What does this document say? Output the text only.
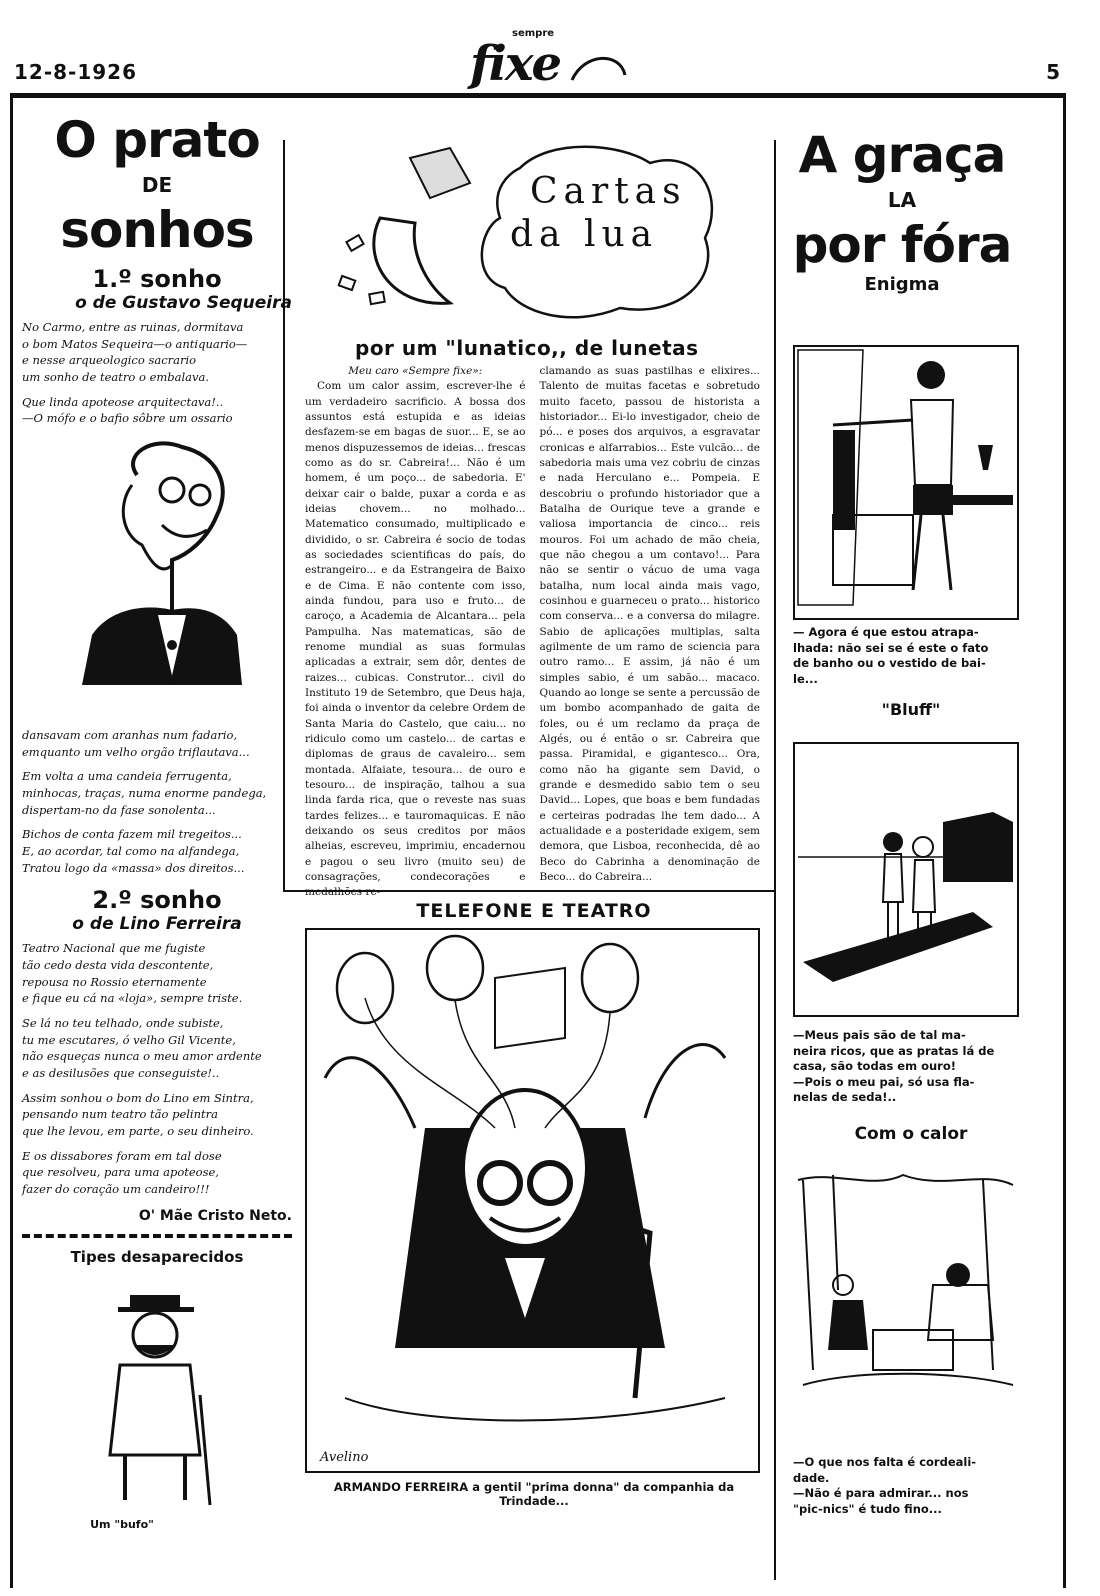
12-8-1926
sempre
fixe	5
O prato
DE
sonhos
1.º sonho
o de Gustavo Sequeira
No Carmo, entre as ruinas, dormitava
o bom Matos Sequeira—o antiquario—
e nesse arqueologico sacrario
um sonho de teatro o embalava.
Que linda apoteose arquitectava!..
—O mófo e o bafio sôbre um ossario
dansavam com aranhas num fadario,
emquanto um velho orgão triflautava...
Em volta a uma candeia ferrugenta,
minhocas, traças, numa enorme pandega,
dispertam-no da fase sonolenta...
Bichos de conta fazem mil tregeitos...
E, ao acordar, tal como na alfandega,
Tratou logo da «massa» dos direitos...
2.º sonho
o de Lino Ferreira
Teatro Nacional que me fugiste
tão cedo desta vida descontente,
repousa no Rossio eternamente
e fique eu cá na «loja», sempre triste.
Se lá no teu telhado, onde subiste,
tu me escutares, ó velho Gil Vicente,
não esqueças nunca o meu amor ardente
e as desilusões que conseguiste!..
Assim sonhou o bom do Lino em Sintra,
pensando num teatro tão pelintra
que lhe levou, em parte, o seu dinheiro.
E os dissabores foram em tal dose
que resolveu, para uma apoteose,
fazer do coração um candeiro!!!
O' Mãe Cristo Neto.
Tipes desaparecidos
Um "bufo"
Cartas
da lua
por um "lunatico,, de lunetas

Meu caro «Sempre fixe»:

Com um calor assim, escrever-lhe é um verdadeiro sacrificio. A bossa dos assuntos está estupida e as ideias desfazem-se em bagas de suor... E, se ao menos dispuzessemos de ideias... frescas como as do sr. Cabreira!... Não é um homem, é um poço... de sabedoria. E' deixar cair o balde, puxar a corda e as ideias chovem... no molhado... Matematico consumado, multiplicado e dividido, o sr. Cabreira é socio de todas as sociedades scientificas do país, do estrangeiro... e da Estrangeira de Baixo e de Cima. E não contente com isso, ainda fundou, para uso e fruto... de caroço, a Academia de Alcantara... pela Pampulha. Nas matematicas, são de renome mundial as suas formulas aplicadas a extrair, sem dôr, dentes de raizes... cubicas. Construtor... civil do Instituto 19 de Setembro, que Deus haja, foi ainda o inventor da celebre Ordem de Santa Maria do Castelo, que caiu... no ridiculo como um castelo... de cartas e diplomas de graus de cavaleiro... sem montada. Alfaiate, tesoura... de ouro e tesouro... de inspiração, talhou a sua linda farda rica, que o reveste nas suas tardes felizes... e tauromaquicas. E não deixando os seus creditos por mãos alheias, escreveu, imprimiu, encadernou e pagou o seu livro (muito seu) de consagrações, condecorações e medalhões re-

clamando as suas pastilhas e elixires... Talento de muitas facetas e sobretudo muito faceto, passou de historista a historiador... Ei-lo investigador, cheio de pó... e poses dos arquivos, a esgravatar cronicas e alfarrabios... Este vulcão... de sabedoria mais uma vez cobriu de cinzas e nada Herculano e... Pompeia. E descobriu o profundo historiador que a Batalha de Ourique teve a grande e valiosa importancia de cinco... reis mouros. Foi um achado de mão cheia, que não chegou a um contavo!... Para não se sentir o vácuo de uma vaga batalha, num local ainda mais vago, cosinhou e guarneceu o prato... historico com conserva... e a conversa do milagre. Sabio de aplicações multiplas, salta agilmente de um ramo de sciencia para outro ramo... E assim, já não é um simples sabio, é um sabão... macaco. Quando ao longe se sente a percussão de um bombo acompanhado de gaita de foles, ou é um reclamo da praça de Algés, ou é então o sr. Cabreira que passa. Piramidal, e gigantesco... Ora, como não ha gigante sem David, o grande e desmedido sabio tem o seu David... Lopes, que boas e bem fundadas e certeiras podradas lhe tem dado... A actualidade e a posteridade exigem, sem demora, que Lisboa, reconhecida, dê ao Beco do Cabrinha a denominação de Beco... do Cabreira...

TELEFONE E TEATRO
Avelino
ARMANDO FERREIRA a gentil "prima donna" da companhia da Trindade...
A graça
LA
por fóra
Enigma
— Agora é que estou atrapa-
lhada: não sei se é este o fato
de banho ou o vestido de bai-
le...
"Bluff"
—Meus pais são de tal ma-
neira ricos, que as pratas lá de
casa, são todas em ouro!
—Pois o meu pai, só usa fla-
nelas de seda!..
Com o calor
—O que nos falta é cordeali-
dade.
—Não é para admirar... nos
"pic-nics" é tudo fino...
